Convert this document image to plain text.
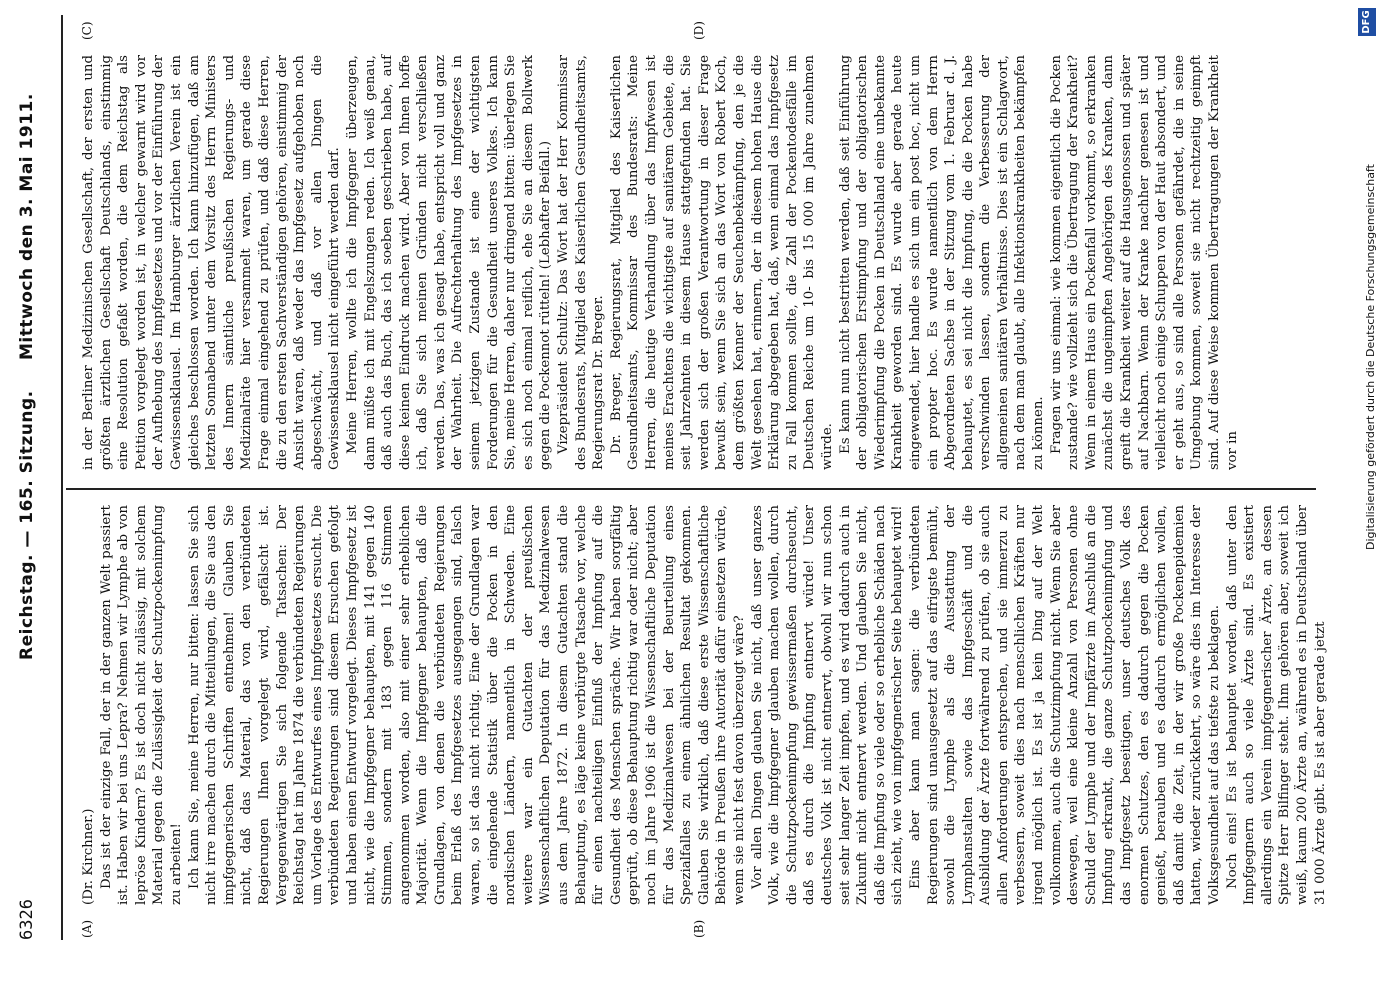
6326
Reichstag. — 165. Sitzung.
Mittwoch den 3. Mai 1911.
(A)	(B)
(C)	(D)

(Dr. Kirchner.) Das ist der einzige Fall, der in der ganzen Welt passiert ist. Haben wir bei uns Lepra? Nehmen wir Lymphe ab von lepröse Kindern? Es ist doch nicht zulässig, mit solchem Material gegen die Zulässigkeit der Schutzpockenimpfung zu arbeiten! Ich kann Sie, meine Herren, nur bitten: lassen Sie sich nicht irre machen durch die Mitteilungen, die Sie aus den impfgegnerischen Schriften entnehmen! Glauben Sie nicht, daß das Material, das von den verbündeten Regierungen Ihnen vorgelegt wird, gefälscht ist. Vergegenwärtigen Sie sich folgende Tatsachen: Der Reichstag hat im Jahre 1874 die verbündeten Regierungen um Vorlage des Entwurfes eines Impfgesetzes ersucht. Die verbündeten Regierungen sind diesem Ersuchen gefolgt und haben einen Entwurf vorgelegt. Dieses Impfgesetz ist nicht, wie die Impfgegner behaupten, mit 141 gegen 140 Stimmen, sondern mit 183 gegen 116 Stimmen angenommen worden, also mit einer sehr erheblichen Majorität. Wenn die Impfgegner behaupten, daß die Grundlagen, von denen die verbündeten Regierungen beim Erlaß des Impfgesetzes ausgegangen sind, falsch waren, so ist das nicht richtig. Eine der Grundlagen war die eingehende Statistik über die Pocken in den nordischen Ländern, namentlich in Schweden. Eine weitere war ein Gutachten der preußischen Wissenschaftlichen Deputation für das Medizinalwesen aus dem Jahre 1872. In diesem Gutachten stand die Behauptung, es läge keine verbürgte Tatsache vor, welche für einen nachteiligen Einfluß der Impfung auf die Gesundheit des Menschen spräche. Wir haben sorgfältig geprüft, ob diese Behauptung richtig war oder nicht; aber noch im Jahre 1906 ist die Wissenschaftliche Deputation für das Medizinalwesen bei der Beurteilung eines Spezialfalles zu einem ähnlichen Resultat gekommen. Glauben Sie wirklich, daß diese erste Wissenschaftliche Behörde in Preußen ihre Autorität dafür einsetzen würde, wenn sie nicht fest davon überzeugt wäre? Vor allen Dingen glauben Sie nicht, daß unser ganzes Volk, wie die Impfgegner glauben machen wollen, durch die Schutzpockenimpfung gewissermaßen durchseucht, daß es durch die Impfung entnervt würde! Unser deutsches Volk ist nicht entnervt, obwohl wir nun schon seit sehr langer Zeit impfen, und es wird dadurch auch in Zukunft nicht entnervt werden. Und glauben Sie nicht, daß die Impfung so viele oder so erhebliche Schäden nach sich zieht, wie von impfgegnerischer Seite behauptet wird! Eins aber kann man sagen: die verbündeten Regierungen sind unausgesetzt auf das eifrigste bemüht, sowohl die Lymphe als die Ausstattung der Lymphanstalten sowie das Impfgeschäft und die Ausbildung der Ärzte fortwährend zu prüfen, ob sie auch allen Anforderungen entsprechen, und sie immerzu zu verbessern, soweit dies nach menschlichen Kräften nur irgend möglich ist. Es ist ja kein Ding auf der Welt vollkommen, auch die Schutzimpfung nicht. Wenn Sie aber deswegen, weil eine kleine Anzahl von Personen ohne Schuld der Lymphe und der Impfärzte im Anschluß an die Impfung erkrankt, die ganze Schutzpockenimpfung und das Impfgesetz beseitigen, unser deutsches Volk des enormen Schutzes, den es dadurch gegen die Pocken genießt, berauben und es dadurch ermöglichen wollen, daß damit die Zeit, in der wir große Pockenepidemien hatten, wieder zurückkehrt, so wäre dies im Interesse der Volksgesundheit auf das tiefste zu beklagen. Noch eins! Es ist behauptet worden, daß unter den Impfgegnern auch so viele Ärzte sind. Es existiert allerdings ein Verein impfgegnerischer Ärzte, an dessen Spitze Herr Bilfinger steht. Ihm gehören aber, soweit ich weiß, kaum 200 Ärzte an, während es in Deutschland über 31 000 Ärzte gibt. Es ist aber gerade jetzt

in der Berliner Medizinischen Gesellschaft, der ersten und größten ärztlichen Gesellschaft Deutschlands, einstimmig eine Resolution gefaßt worden, die dem Reichstag als Petition vorgelegt worden ist, in welcher gewarnt wird vor der Aufhebung des Impfgesetzes und vor der Einführung der Gewissensklausel. Im Hamburger ärztlichen Verein ist ein gleiches beschlossen worden. Ich kann hinzufügen, daß am letzten Sonnabend unter dem Vorsitz des Herrn Ministers des Innern sämtliche preußischen Regierungs- und Medizinalräte hier versammelt waren, um gerade diese Frage einmal eingehend zu prüfen, und daß diese Herren, die zu den ersten Sachverständigen gehören, einstimmig der Ansicht waren, daß weder das Impfgesetz aufgehoben noch abgeschwächt, und daß vor allen Dingen die Gewissensklausel nicht eingeführt werden darf. Meine Herren, wollte ich die Impfgegner überzeugen, dann müßte ich mit Engelszungen reden. Ich weiß genau, daß auch das Buch, das ich soeben geschrieben habe, auf diese keinen Eindruck machen wird. Aber von Ihnen hoffe ich, daß Sie sich meinen Gründen nicht verschließen werden. Das, was ich gesagt habe, entspricht voll und ganz der Wahrheit. Die Aufrechterhaltung des Impfgesetzes in seinem jetzigen Zustande ist eine der wichtigsten Forderungen für die Gesundheit unseres Volkes. Ich kann Sie, meine Herren, daher nur dringend bitten: überlegen Sie es sich noch einmal reiflich, ehe Sie an diesem Bollwerk gegen die Pockennot rütteln! (Lebhafter Beifall.) Vizepräsident Schultz: Das Wort hat der Herr Kommissar des Bundesrats, Mitglied des Kaiserlichen Gesundheitsamts, Regierungsrat Dr. Breger. Dr. Breger, Regierungsrat, Mitglied des Kaiserlichen Gesundheitsamts, Kommissar des Bundesrats: Meine Herren, die heutige Verhandlung über das Impfwesen ist meines Erachtens die wichtigste auf sanitärem Gebiete, die seit Jahrzehnten in diesem Hause stattgefunden hat. Sie werden sich der großen Verantwortung in dieser Frage bewußt sein, wenn Sie sich an das Wort von Robert Koch, dem größten Kenner der Seuchenbekämpfung, den je die Welt gesehen hat, erinnern, der in diesem hohen Hause die Erklärung abgegeben hat, daß, wenn einmal das Impfgesetz zu Fall kommen sollte, die Zahl der Pockentodesfälle im Deutschen Reiche um 10- bis 15 000 im Jahre zunehmen würde. Es kann nun nicht bestritten werden, daß seit Einführung der obligatorischen Erstimpfung und der obligatorischen Wiederimpfung die Pocken in Deutschland eine unbekannte Krankheit geworden sind. Es wurde aber gerade heute eingewendet, hier handle es sich um ein post hoc, nicht um ein propter hoc. Es wurde namentlich von dem Herrn Abgeordneten Sachse in der Sitzung vom 1. Februar d. J. behauptet, es sei nicht die Impfung, die die Pocken habe verschwinden lassen, sondern die Verbesserung der allgemeinen sanitären Verhältnisse. Dies ist ein Schlagwort, nach dem man glaubt, alle Infektionskrankheiten bekämpfen zu können. Fragen wir uns einmal: wie kommen eigentlich die Pocken zustande? wie vollzieht sich die Übertragung der Krankheit? Wenn in einem Haus ein Pockenfall vorkommt, so erkranken zunächst die ungeimpften Angehörigen des Kranken, dann greift die Krankheit weiter auf die Hausgenossen und später auf Nachbarn. Wenn der Kranke nachher genesen ist und vielleicht noch einige Schuppen von der Haut absondert, und er geht aus, so sind alle Personen gefährdet, die in seine Umgebung kommen, soweit sie nicht rechtzeitig geimpft sind. Auf diese Weise kommen Übertragungen der Krankheit vor in	Digitalisierung gefördert durch die Deutsche Forschungsgemeinschaft
DFG
